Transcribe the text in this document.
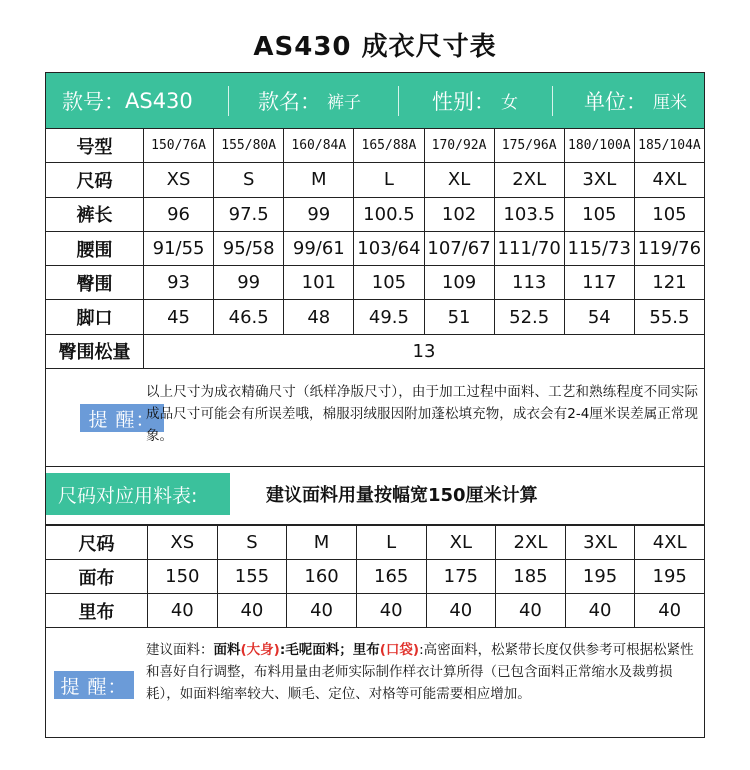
AS430 成衣尺寸表
款号： AS430	款名： 裤子	性别： 女	单位： 厘米
号型	150/76A	155/80A	160/84A	165/88A	170/92A	175/96A	180/100A	185/104A
尺码	XS	S	M	L	XL	2XL	3XL	4XL
裤长	96	97.5	99	100.5	102	103.5	105	105
腰围	91/55	95/58	99/61	103/64	107/67	111/70	115/73	119/76
臀围	93	99	101	105	109	113	117	121
脚口	45	46.5	48	49.5	51	52.5	54	55.5
臀围松量	13							
提 醒：
以上尺寸为成衣精确尺寸（纸样净版尺寸），由于加工过程中面料、工艺和熟练程度不同实际成品尺寸可能会有所误差哦，棉服羽绒服因附加蓬松填充物，成衣会有2-4厘米误差属正常现象。
尺码对应用料表:	建议面料用量按幅宽150厘米计算
尺码	XS	S	M	L	XL	2XL	3XL	4XL
面布	150	155	160	165	175	185	195	195
里布	40	40	40	40	40	40	40	40
提 醒：
建议面料：面料(大身):毛呢面料；里布(口袋):高密面料，松紧带长度仅供参考可根据松紧性和喜好自行调整，布料用量由老师实际制作样衣计算所得（已包含面料正常缩水及裁剪损耗），如面料缩率较大、顺毛、定位、对格等可能需要相应增加。
